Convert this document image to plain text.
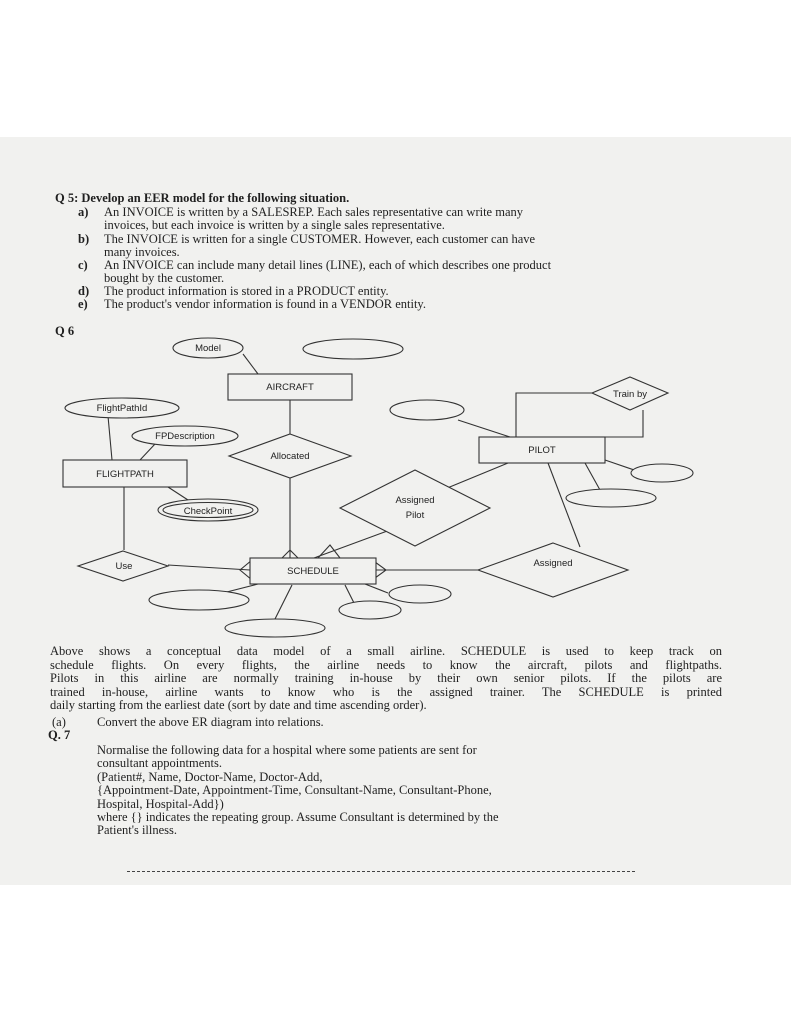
Q 5: Develop an EER model for the following situation.
a) An INVOICE is written by a SALESREP. Each sales representative can write many
invoices, but each invoice is written by a single sales representative.
b) The INVOICE is written for a single CUSTOMER. However, each customer can have
many invoices.
c) An INVOICE can include many detail lines (LINE), each of which describes one product
bought by the customer.
d) The product information is stored in a PRODUCT entity.
e) The product's vendor information is found in a VENDOR entity.
Q 6
AIRCRAFT
PILOT
FLIGHTPATH
SCHEDULE
Model
FlightPathId
FPDescription
CheckPoint
Allocated
Assigned
Pilot
Train by
Use	Assigned
Above shows a conceptual data model of a small airline. SCHEDULE is used to keep track on
schedule flights. On every flights, the airline needs to know the aircraft, pilots and flightpaths.
Pilots in this airline are normally training in-house by their own senior pilots. If the pilots are
trained in-house, airline wants to know who is the assigned trainer. The SCHEDULE is printed
daily starting from the earliest date (sort by date and time ascending order).
(a) Convert the above ER diagram into relations.
Q. 7
Normalise the following data for a hospital where some patients are sent for
consultant appointments.
(Patient#, Name, Doctor-Name, Doctor-Add,
{Appointment-Date, Appointment-Time, Consultant-Name, Consultant-Phone,
Hospital, Hospital-Add})
where {} indicates the repeating group. Assume Consultant is determined by the
Patient's illness.
